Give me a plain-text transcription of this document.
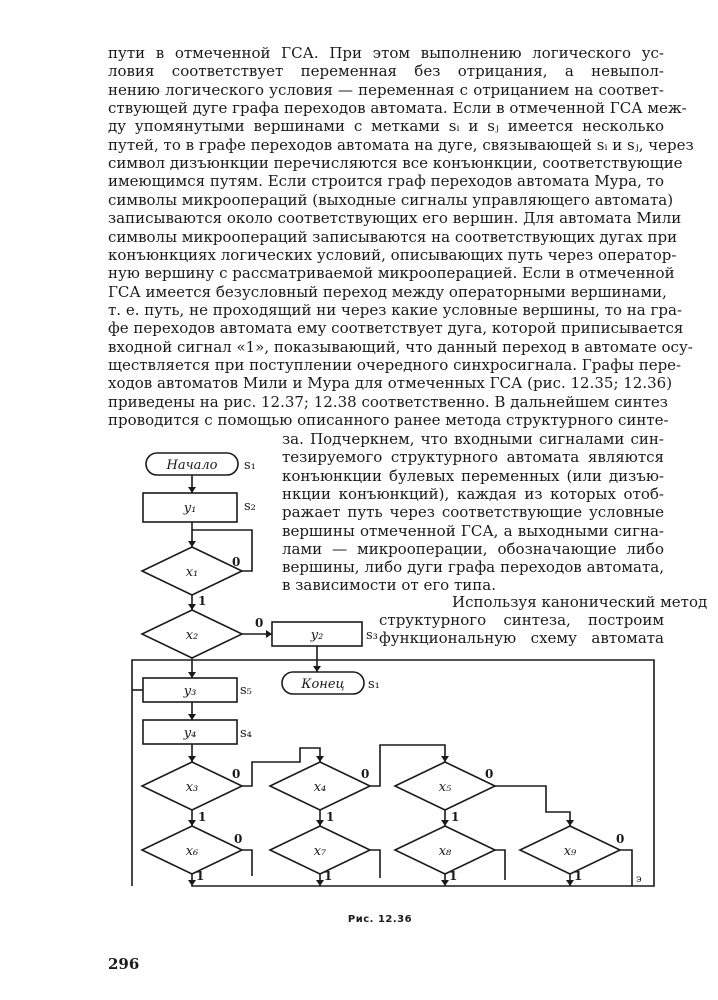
пути в отмеченной ГСА. При этом выполнению логического ус-
ловия соответствует переменная без отрицания, а невыпол-
нению логического условия — переменная с отрицанием на соответ-
ствующей дуге графа переходов автомата. Если в отмеченной ГСА меж-
ду упомянутыми вершинами с метками sᵢ и sⱼ имеется несколько
путей, то в графе переходов автомата на дуге, связывающей sᵢ и sⱼ, через
символ дизъюнкции перечисляются все конъюнкции, соответствующие
имеющимся путям. Если строится граф переходов автомата Мура, то
символы микроопераций (выходные сигналы управляющего автомата)
записываются около соответствующих его вершин. Для автомата Мили
символы микроопераций записываются на соответствующих дугах при
конъюнкциях логических условий, описывающих путь через оператор-
ную вершину с рассматриваемой микрооперацией. Если в отмеченной
ГСА имеется безусловный переход между операторными вершинами,
т. е. путь, не проходящий ни через какие условные вершины, то на гра-
фе переходов автомата ему соответствует дуга, которой приписывается
входной сигнал «1», показывающий, что данный переход в автомате осу-
ществляется при поступлении очередного синхросигнала. Графы пере-
ходов автоматов Мили и Мура для отмеченных ГСА (рис. 12.35; 12.36)
приведены на рис. 12.37; 12.38 соответственно. В дальнейшем синтез
проводится с помощью описанного ранее метода структурного синте-
за. Подчеркнем, что входными сигналами син-
тезируемого структурного автомата являются
конъюнкции булевых переменных (или дизъю-
нкции конъюнкций), каждая из которых отоб-
ражает путь через соответствующие условные
вершины отмеченной ГСА, а выходными сигна-
лами — микрооперации, обозначающие либо
вершины, либо дуги графа переходов автомата,
в зависимости от его типа.
Используя канонический метод
структурного синтеза, построим
функциональную схему автомата
Начало
Конец
y₁
y₂
y₃
y₄
x₁
x₂
x₃	x₄	x₅
x₆	x₇	x₈	x₉
s₁
s₂
s₃
s₅
s₄
s₁
1
0
0
0
1
0
1
0
1
0	0
1	1	1	1	э
Рис. 12.36
296
